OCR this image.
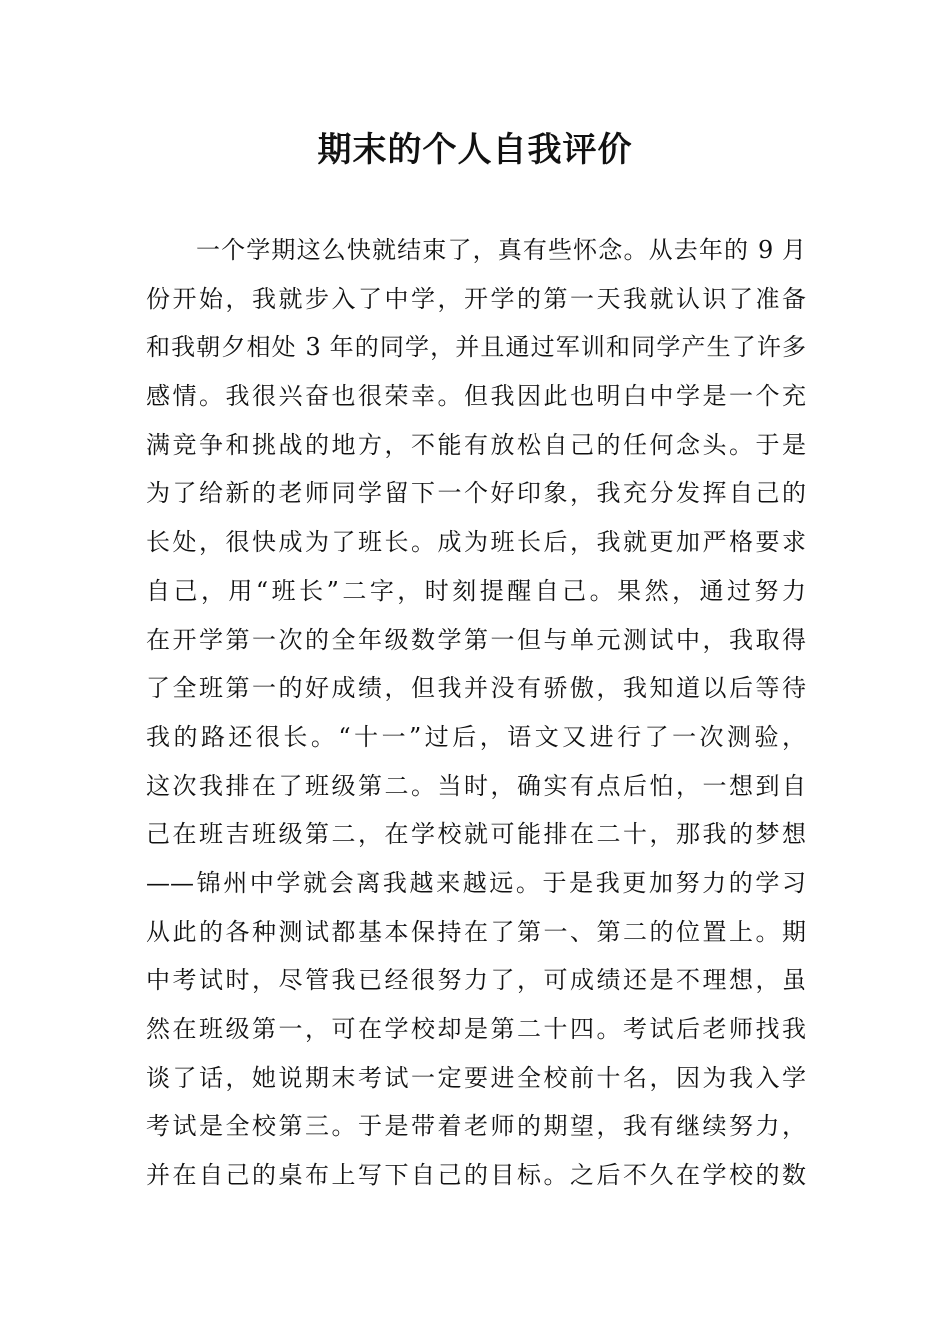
期末的个人自我评价
一个学期这么快就结束了，真有些怀念。从去年的 9 月
份开始，我就步入了中学，开学的第一天我就认识了准备
和我朝夕相处 3 年的同学，并且通过军训和同学产生了许多
感情。我很兴奋也很荣幸。但我因此也明白中学是一个充
满竞争和挑战的地方，不能有放松自己的任何念头。于是
为了给新的老师同学留下一个好印象，我充分发挥自己的
长处，很快成为了班长。成为班长后，我就更加严格要求
自己，用“班长”二字，时刻提醒自己。果然，通过努力
在开学第一次的全年级数学第一但与单元测试中，我取得
了全班第一的好成绩，但我并没有骄傲，我知道以后等待
我的路还很长。“十一”过后，语文又进行了一次测验，
这次我排在了班级第二。当时，确实有点后怕，一想到自
己在班吉班级第二，在学校就可能排在二十，那我的梦想
——锦州中学就会离我越来越远。于是我更加努力的学习
从此的各种测试都基本保持在了第一、第二的位置上。期
中考试时，尽管我已经很努力了，可成绩还是不理想，虽
然在班级第一，可在学校却是第二十四。考试后老师找我
谈了话，她说期末考试一定要进全校前十名，因为我入学
考试是全校第三。于是带着老师的期望，我有继续努力，
并在自己的桌布上写下自己的目标。之后不久在学校的数
